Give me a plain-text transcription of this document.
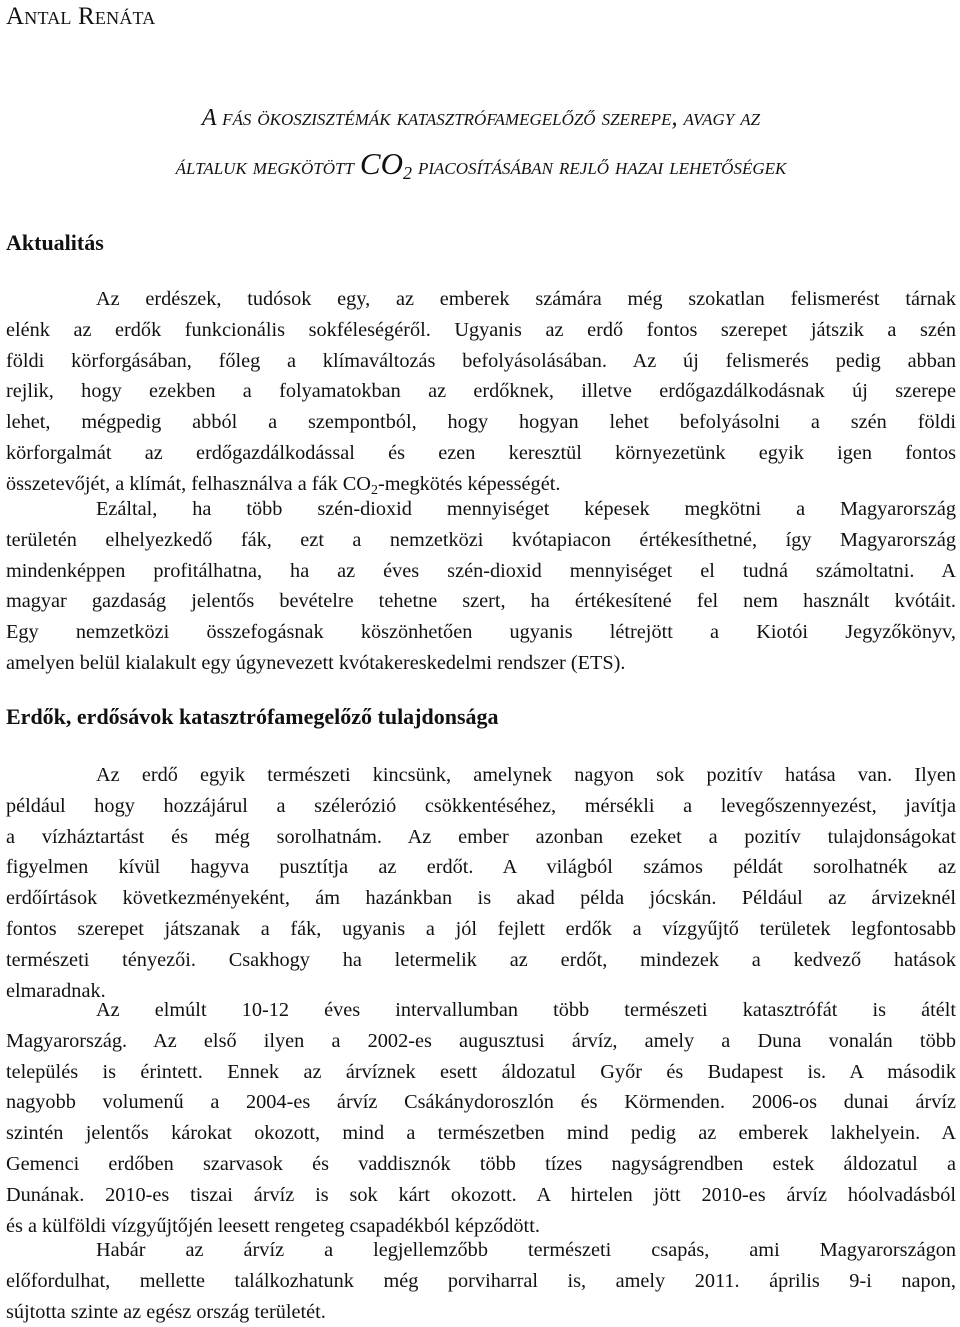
Antal Renáta
A fás ökoszisztémák katasztrófamegelőző szerepe, avagy az
általuk megkötött $CO_2$ piacosításában rejlő hazai lehetőségek
Aktualitás
Az erdészek, tudósok egy, az emberek számára még szokatlan felismerést tárnak
elénk az erdők funkcionális sokféleségéről. Ugyanis az erdő fontos szerepet játszik a szén
földi körforgásában, főleg a klímaváltozás befolyásolásában. Az új felismerés pedig abban
rejlik, hogy ezekben a folyamatokban az erdőknek, illetve erdőgazdálkodásnak új szerepe
lehet, mégpedig abból a szempontból, hogy hogyan lehet befolyásolni a szén földi
körforgalmát az erdőgazdálkodással és ezen keresztül környezetünk egyik igen fontos
összetevőjét, a klímát, felhasználva a fák $CO_2$-megkötés képességét.
Ezáltal, ha több szén-dioxid mennyiséget képesek megkötni a Magyarország
területén elhelyezkedő fák, ezt a nemzetközi kvótapiacon értékesíthetné, így Magyarország
mindenképpen profitálhatna, ha az éves szén-dioxid mennyiséget el tudná számoltatni. A
magyar gazdaság jelentős bevételre tehetne szert, ha értékesítené fel nem használt kvótáit.
Egy nemzetközi összefogásnak köszönhetően ugyanis létrejött a Kiotói Jegyzőkönyv,
amelyen belül kialakult egy úgynevezett kvótakereskedelmi rendszer (ETS).
Erdők, erdősávok katasztrófamegelőző tulajdonsága
Az erdő egyik természeti kincsünk, amelynek nagyon sok pozitív hatása van. Ilyen
például hogy hozzájárul a szélerózió csökkentéséhez, mérsékli a levegőszennyezést, javítja
a vízháztartást és még sorolhatnám. Az ember azonban ezeket a pozitív tulajdonságokat
figyelmen kívül hagyva pusztítja az erdőt. A világból számos példát sorolhatnék az
erdőírtások következményeként, ám hazánkban is akad példa jócskán. Például az árvizeknél
fontos szerepet játszanak a fák, ugyanis a jól fejlett erdők a vízgyűjtő területek legfontosabb
természeti tényezői. Csakhogy ha letermelik az erdőt, mindezek a kedvező hatások
elmaradnak.
Az elmúlt 10-12 éves intervallumban több természeti katasztrófát is átélt
Magyarország. Az első ilyen a 2002-es augusztusi árvíz, amely a Duna vonalán több
település is érintett. Ennek az árvíznek esett áldozatul Győr és Budapest is. A második
nagyobb volumenű a 2004-es árvíz Csákánydoroszlón és Körmenden. 2006-os dunai árvíz
szintén jelentős károkat okozott, mind a természetben mind pedig az emberek lakhelyein. A
Gemenci erdőben szarvasok és vaddisznók több tízes nagyságrendben estek áldozatul a
Dunának. 2010-es tiszai árvíz is sok kárt okozott. A hirtelen jött 2010-es árvíz hóolvadásból
és a külföldi vízgyűjtőjén leesett rengeteg csapadékból képződött.
Habár az árvíz a legjellemzőbb természeti csapás, ami Magyarországon
előfordulhat, mellette találkozhatunk még porviharral is, amely 2011. április 9-i napon,
sújtotta szinte az egész ország területét.
